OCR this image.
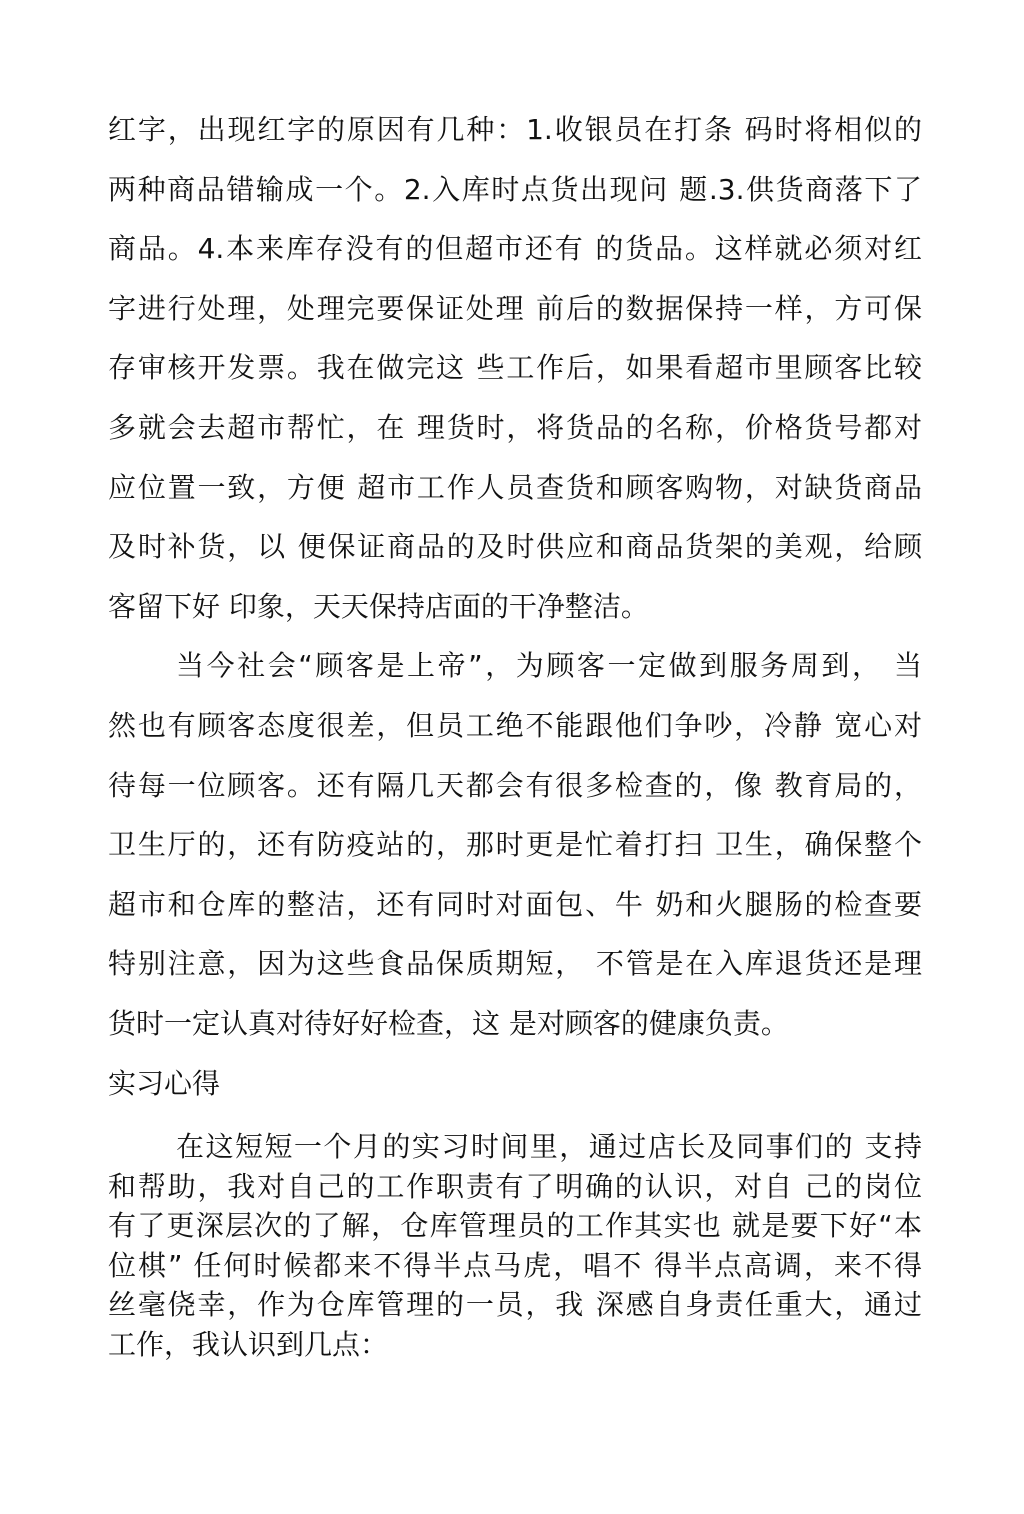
红字，出现红字的原因有几种：1.收银员在打条 码时将相似的
两种商品错输成一个。2.入库时点货出现问 题.3.供货商落下了
商品。4.本来库存没有的但超市还有 的货品。这样就必须对红
字进行处理，处理完要保证处理 前后的数据保持一样，方可保
存审核开发票。我在做完这 些工作后，如果看超市里顾客比较
多就会去超市帮忙，在 理货时，将货品的名称，价格货号都对
应位置一致，方便 超市工作人员查货和顾客购物，对缺货商品
及时补货，以 便保证商品的及时供应和商品货架的美观，给顾
客留下好 印象，天天保持店面的干净整洁。
当今社会“顾客是上帝”，为顾客一定做到服务周到， 当
然也有顾客态度很差，但员工绝不能跟他们争吵，冷静 宽心对
待每一位顾客。还有隔几天都会有很多检查的，像 教育局的，
卫生厅的，还有防疫站的，那时更是忙着打扫 卫生，确保整个
超市和仓库的整洁，还有同时对面包、牛 奶和火腿肠的检查要
特别注意，因为这些食品保质期短， 不管是在入库退货还是理
货时一定认真对待好好检查，这 是对顾客的健康负责。
实习心得
在这短短一个月的实习时间里，通过店长及同事们的 支持
和帮助，我对自己的工作职责有了明确的认识，对自 己的岗位
有了更深层次的了解，仓库管理员的工作其实也 就是要下好“本
位棋” 任何时候都来不得半点马虎，唱不 得半点高调，来不得
丝毫侥幸，作为仓库管理的一员，我 深感自身责任重大，通过
工作，我认识到几点：
